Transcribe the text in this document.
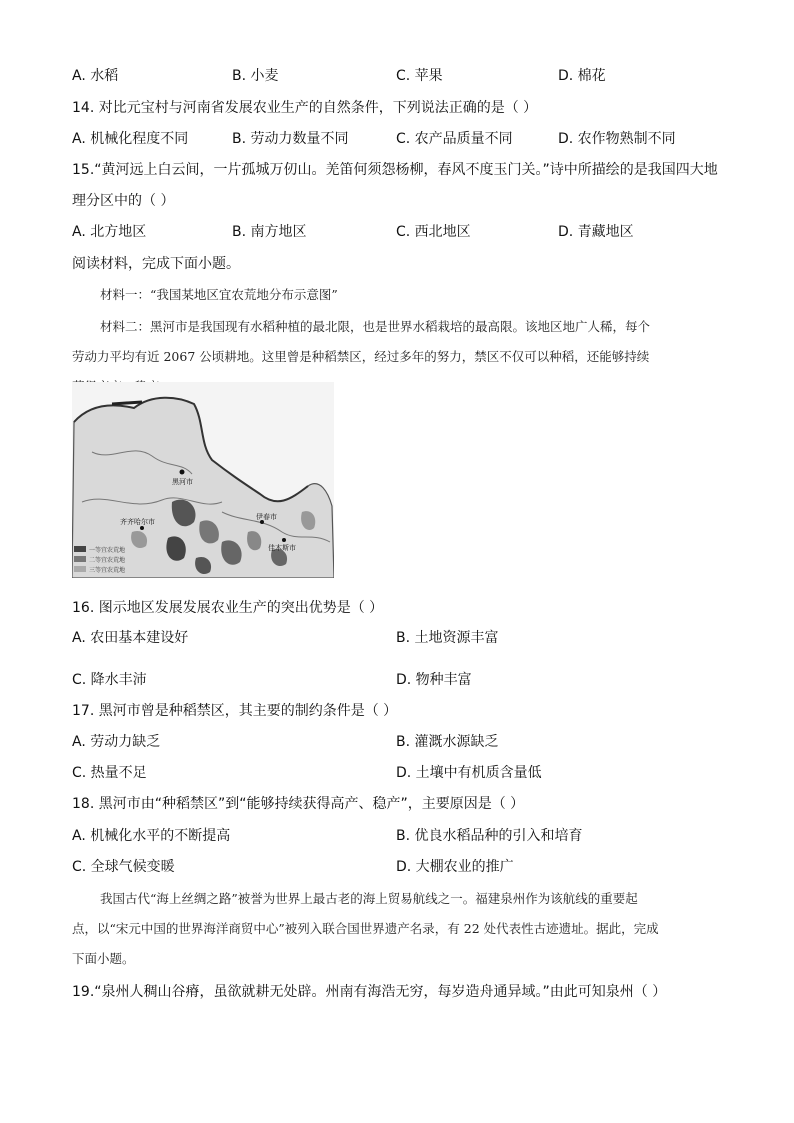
A. 水稻	B. 小麦	C. 苹果	D. 棉花
14. 对比元宝村与河南省发展农业生产的自然条件，下列说法正确的是（ ）
A. 机械化程度不同	B. 劳动力数量不同	C. 农产品质量不同	D. 农作物熟制不同
15.“黄河远上白云间，一片孤城万仞山。羌笛何须怨杨柳，春风不度玉门关。”诗中所描绘的是我国四大地
理分区中的（ ）
A. 北方地区	B. 南方地区	C. 西北地区	D. 青藏地区
阅读材料，完成下面小题。
材料一：“我国某地区宜农荒地分布示意图”
材料二：黑河市是我国现有水稻种植的最北限，也是世界水稻栽培的最高限。该地区地广人稀，每个
劳动力平均有近 2067 公顷耕地。这里曾是种稻禁区，经过多年的努力，禁区不仅可以种稻，还能够持续
黑河市
伊春市
佳木斯市
齐齐哈尔市
一等宜农荒地
二等宜农荒地
三等宜农荒地
16. 图示地区发展发展农业生产的突出优势是（ ）
A. 农田基本建设好	B. 土地资源丰富
C. 降水丰沛	D. 物种丰富
17. 黑河市曾是种稻禁区，其主要的制约条件是（ ）
A. 劳动力缺乏	B. 灌溉水源缺乏
C. 热量不足	D. 土壤中有机质含量低
18. 黑河市由“种稻禁区”到“能够持续获得高产、稳产”，主要原因是（ ）
A. 机械化水平的不断提高	B. 优良水稻品种的引入和培育
C. 全球气候变暖	D. 大棚农业的推广
我国古代“海上丝绸之路”被誉为世界上最古老的海上贸易航线之一。福建泉州作为该航线的重要起
点，以“宋元中国的世界海洋商贸中心”被列入联合国世界遗产名录，有 22 处代表性古迹遗址。据此，完成
下面小题。
19.“泉州人稠山谷瘠，虽欲就耕无处辟。州南有海浩无穷，每岁造舟通异域。”由此可知泉州（ ）
